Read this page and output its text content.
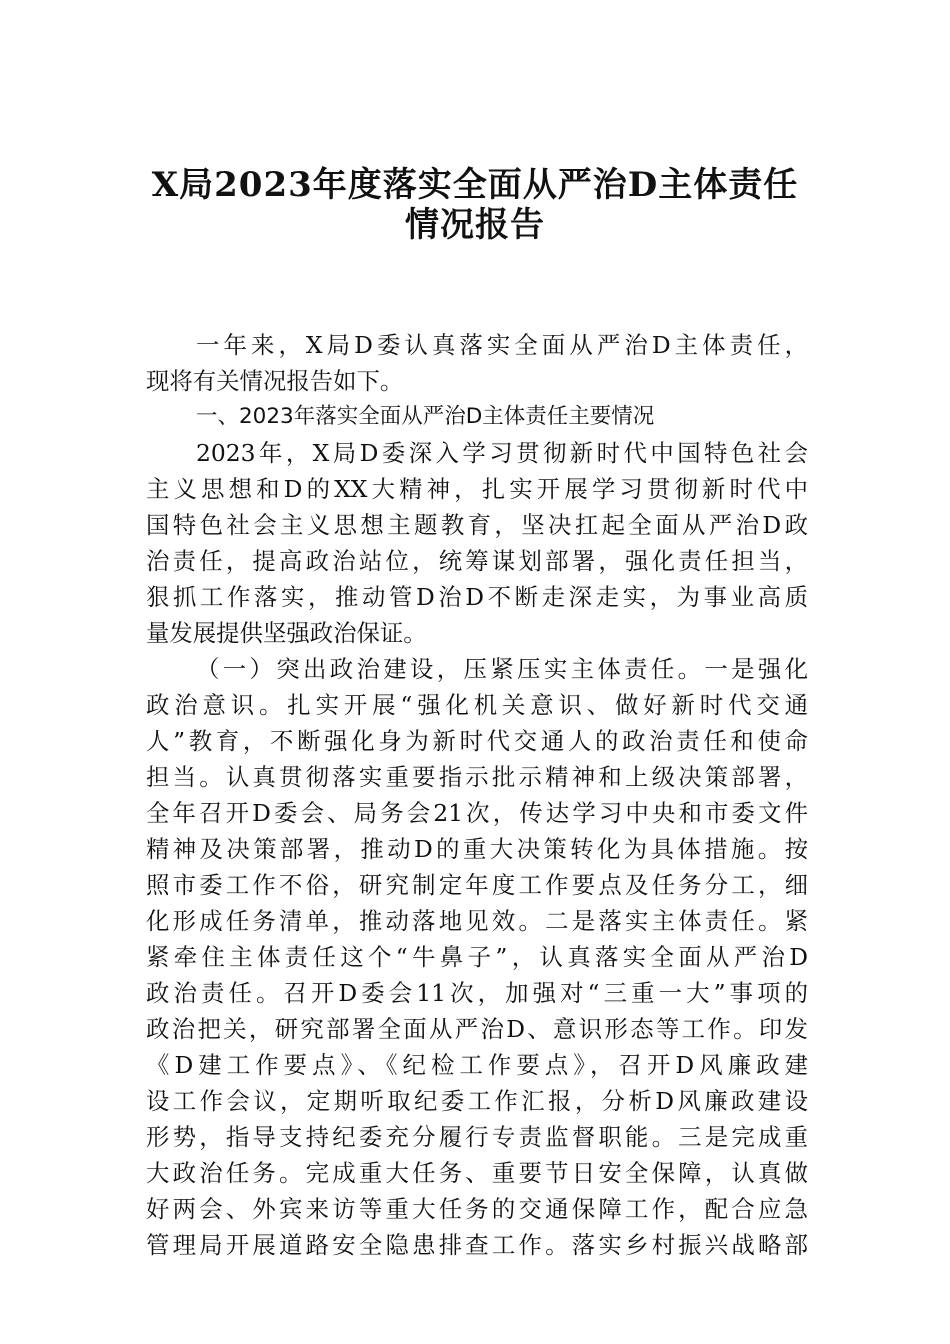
X局2023年度落实全面从严治D主体责任
情况报告
一年来，X局D委认真落实全面从严治D主体责任，
现将有关情况报告如下。
一、2023年落实全面从严治D主体责任主要情况
2023年，X局D委深入学习贯彻新时代中国特色社会
主义思想和D的XX大精神，扎实开展学习贯彻新时代中
国特色社会主义思想主题教育，坚决扛起全面从严治D政
治责任，提高政治站位，统筹谋划部署，强化责任担当，
狠抓工作落实，推动管D治D不断走深走实，为事业高质
量发展提供坚强政治保证。
（一）突出政治建设，压紧压实主体责任。一是强化
政治意识。扎实开展“强化机关意识、做好新时代交通
人”教育，不断强化身为新时代交通人的政治责任和使命
担当。认真贯彻落实重要指示批示精神和上级决策部署，
全年召开D委会、局务会21次，传达学习中央和市委文件
精神及决策部署，推动D的重大决策转化为具体措施。按
照市委工作不俗，研究制定年度工作要点及任务分工，细
化形成任务清单，推动落地见效。二是落实主体责任。紧
紧牵住主体责任这个“牛鼻子”，认真落实全面从严治D
政治责任。召开D委会11次，加强对“三重一大”事项的
政治把关，研究部署全面从严治D、意识形态等工作。印发
《D建工作要点》、《纪检工作要点》，召开D风廉政建
设工作会议，定期听取纪委工作汇报，分析D风廉政建设
形势，指导支持纪委充分履行专责监督职能。三是完成重
大政治任务。完成重大任务、重要节日安全保障，认真做
好两会、外宾来访等重大任务的交通保障工作，配合应急
管理局开展道路安全隐患排查工作。落实乡村振兴战略部
